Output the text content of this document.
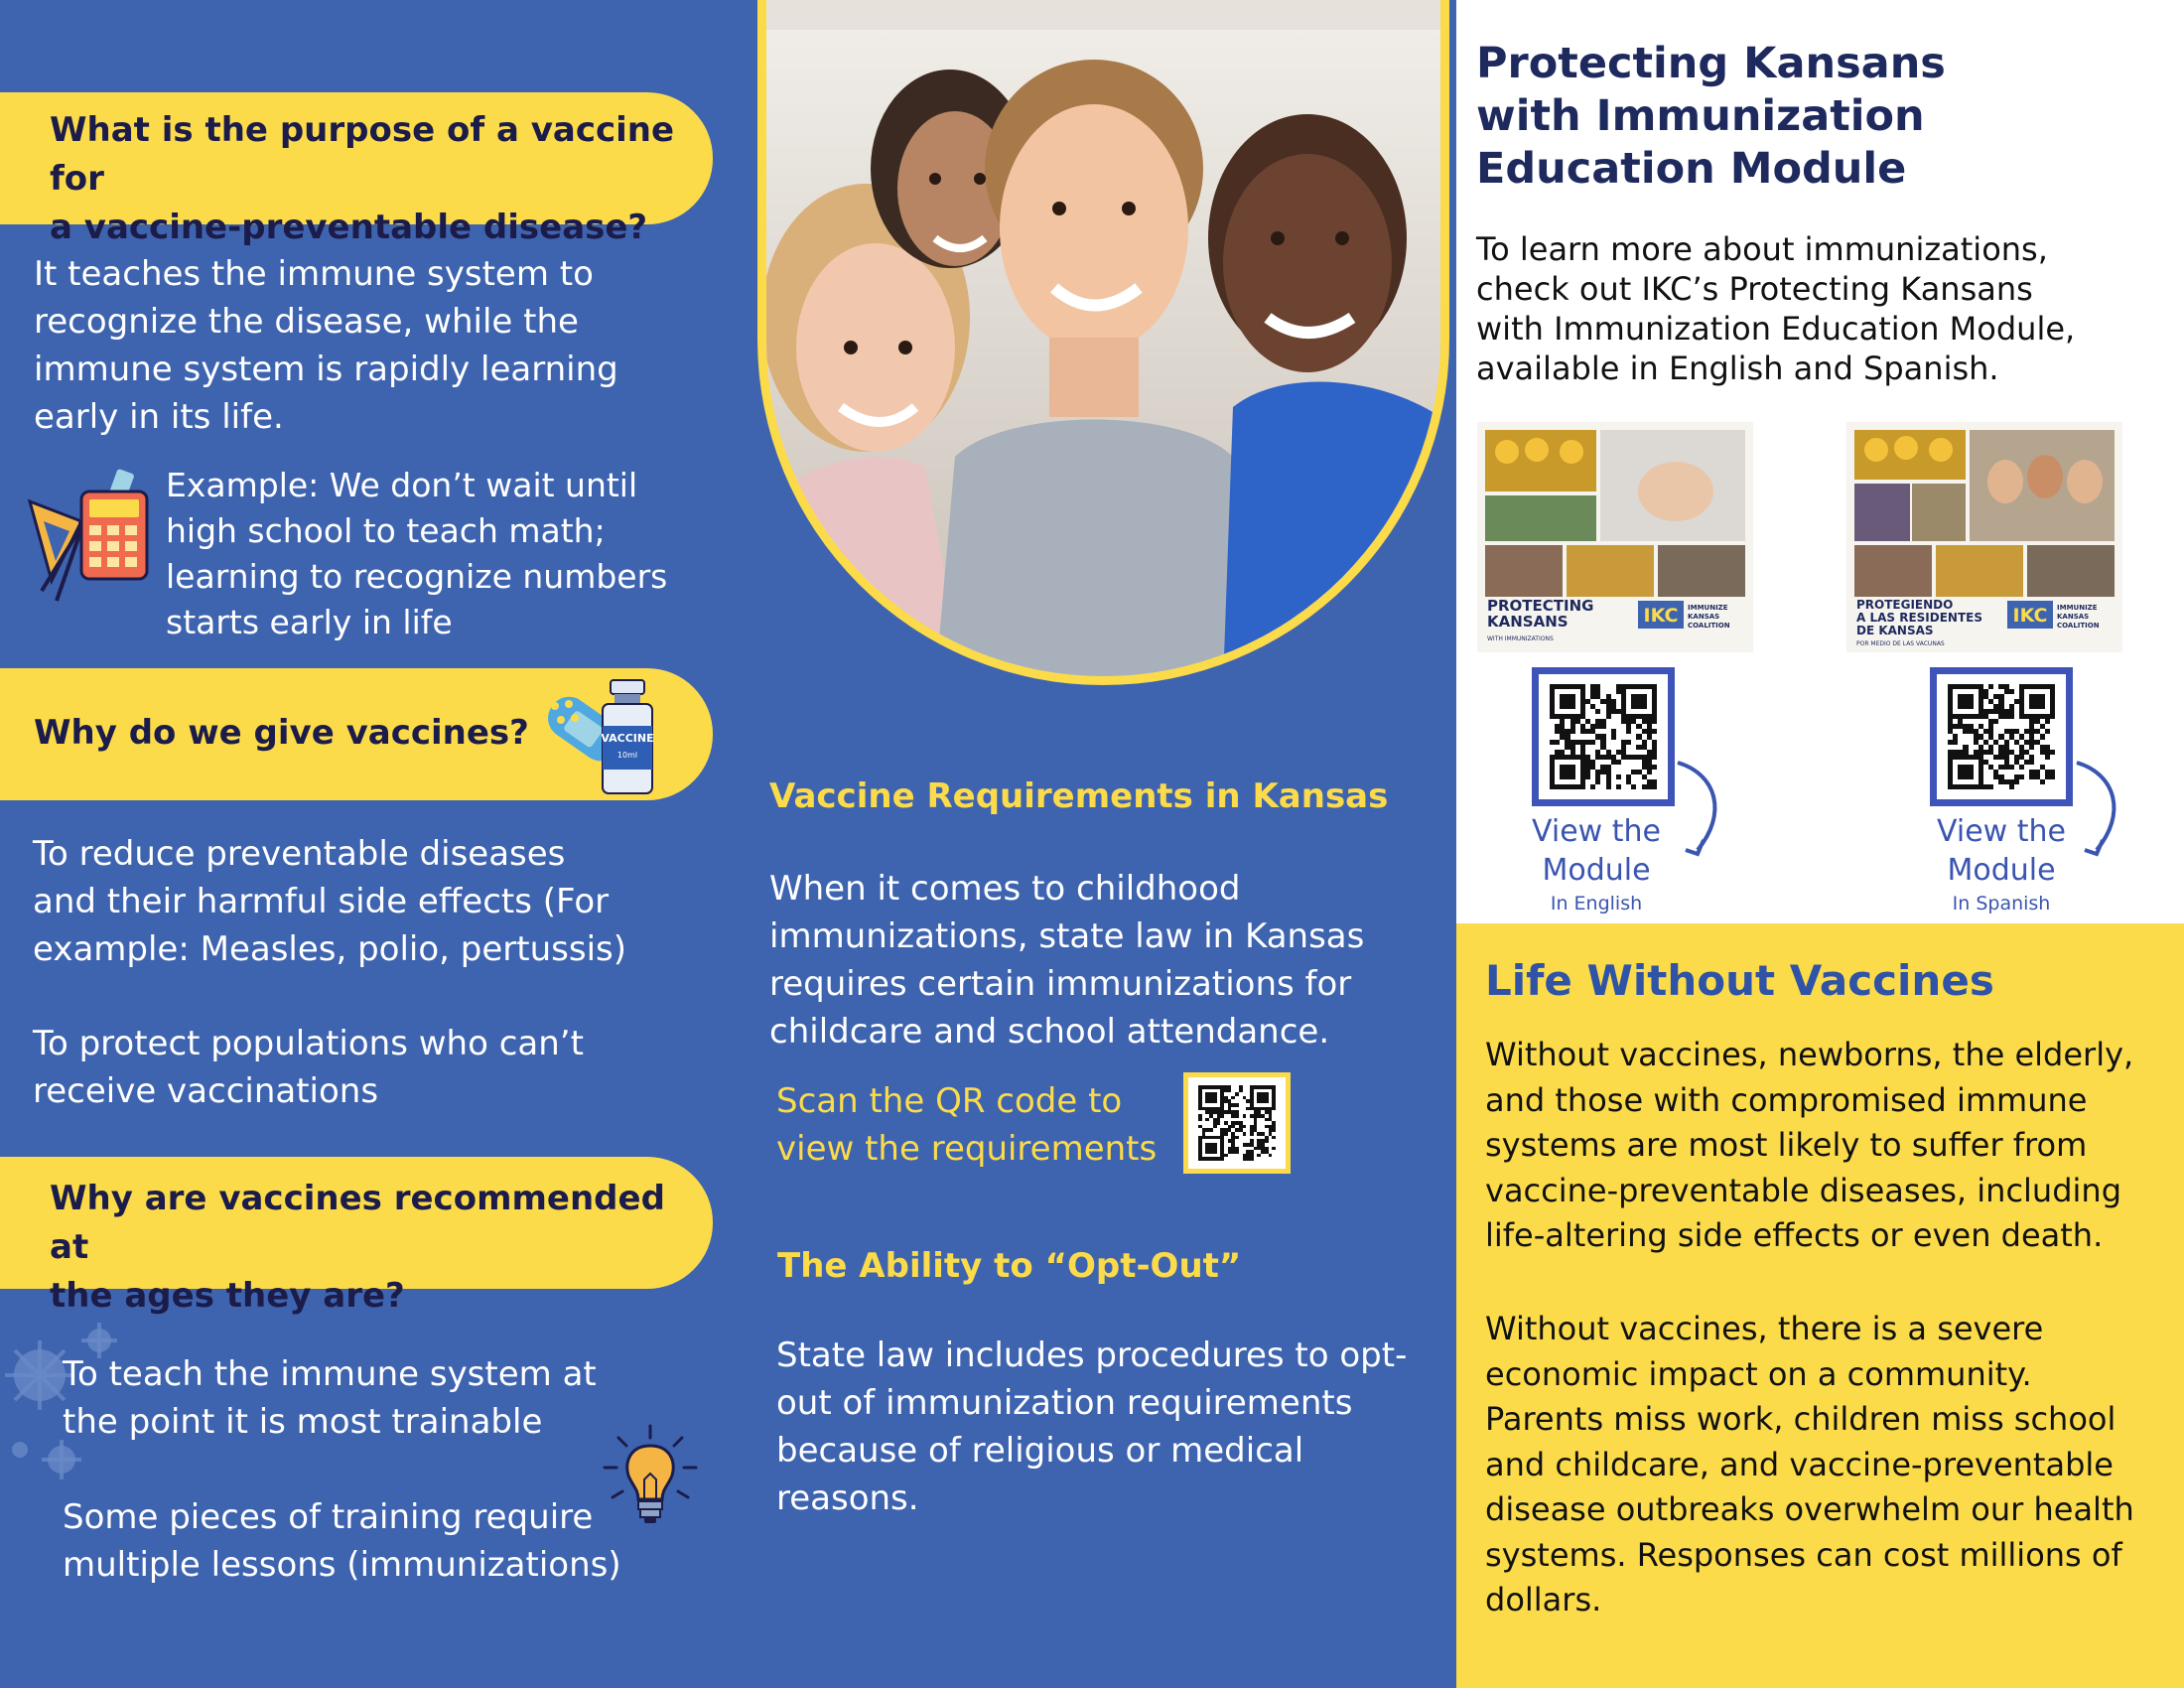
What is the purpose of a vaccine for
a vaccine-preventable disease?
It teaches the immune system to
recognize the disease, while the
immune system is rapidly learning
early in its life.
Example: We don’t wait until
high school to teach math;
learning to recognize numbers
starts early in life
Why do we give vaccines?	VACCINE
10ml
To reduce preventable diseases
and their harmful side effects (For
example: Measles, polio, pertussis)
To protect populations who can’t
receive vaccinations
Why are vaccines recommended at
the ages they are?
To teach the immune system at
the point it is most trainable
Some pieces of training require
multiple lessons (immunizations)
Vaccine Requirements in Kansas
When it comes to childhood
immunizations, state law in Kansas
requires certain immunizations for
childcare and school attendance.
Scan the QR code to
view the requirements
The Ability to “Opt-Out”
State law includes procedures to opt-
out of immunization requirements
because of religious or medical
reasons.
Protecting Kansans
with Immunization
Education Module
To learn more about immunizations,
check out IKC’s Protecting Kansans
with Immunization Education Module,
available in English and Spanish.
PROTECTING
KANSANS
WITH IMMUNIZATIONS
IKC IMMUNIZE
KANSAS
COALITION
PROTEGIENDO
A LAS RESIDENTES
DE KANSAS
POR MEDIO DE LAS VACUNAS
IKC IMMUNIZE
KANSAS
COALITION
View the
Module
In English
View the
Module
In Spanish
Life Without Vaccines
Without vaccines, newborns, the elderly,
and those with compromised immune
systems are most likely to suffer from
vaccine-preventable diseases, including
life-altering side effects or even death.
Without vaccines, there is a severe
economic impact on a community.
Parents miss work, children miss school
and childcare, and vaccine-preventable
disease outbreaks overwhelm our health
systems. Responses can cost millions of
dollars.
